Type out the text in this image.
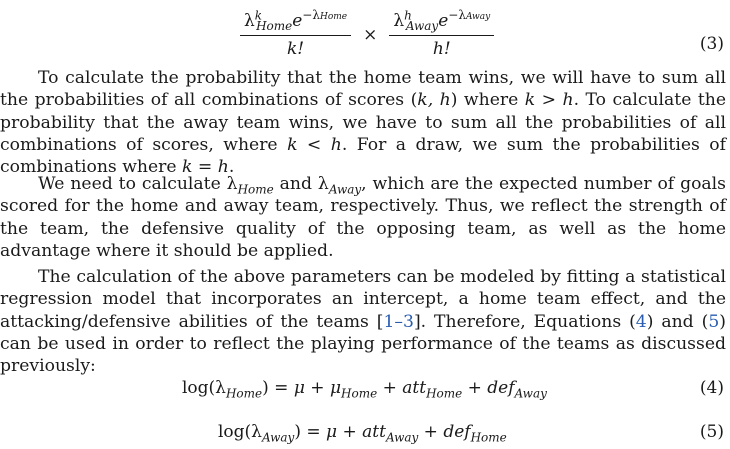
$\frac{\lambda^k_{Home}e^{-\lambda Home}}{k!} \times \frac{\lambda^h_{Away}e^{-\lambda Away}}{h!}$	(3)

To calculate the probability that the home team wins, we will have to sum all the probabilities of all combinations of scores (k, h) where k > h. To calculate the probability that the away team wins, we have to sum all the probabilities of all combinations of scores, where k < h. For a draw, we sum the probabilities of combinations where k = h.

We need to calculate $\lambda_{Home}$ and $\lambda_{Away}$, which are the expected number of goals scored for the home and away team, respectively. Thus, we reflect the strength of the team, the defensive quality of the opposing team, as well as the home advantage where it should be applied.

The calculation of the above parameters can be modeled by fitting a statistical regression model that incorporates an intercept, a home team effect, and the attacking/defensive abilities of the teams [1–3]. Therefore, Equations (4) and (5) can be used in order to reflect the playing performance of the teams as discussed previously:

$\log(\lambda_{Home}) = \mu + \mu_{Home} + att_{Home} + def_{Away}$	(4)
$\log(\lambda_{Away}) = \mu + att_{Away} + def_{Home}$	(5)
